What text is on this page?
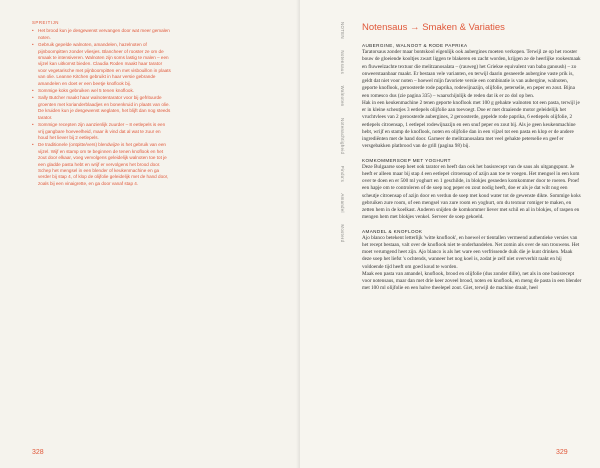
SPREITIJN
• Het brood kun je desgewenst vervangen door wat meer gemalen noten.
• Gebruik gepelde walnoten, amandelen, hazelnoten of pijnboompitten zonder vliesjes. Blancheer of rooster ze om de smaak te intensiveren. Walnoten zijn soms lastig te malen – een vijzel kan uitkomst bieden. Claudia Roden maakt haar tarator voor vegetarische met pijnboompitten en met visbouillon in plaats van olie. Leanne Kitchen gebruikt in haar versie gebrande amandelen en doet er een beetje knoflook bij.
• Sommige koks gebruiken wel 5 tenen knoflook.
• Sally Butcher maakt haar walnotentarator voor bij gefrituurde groenten met korianderblaadjes en bonenkruid in plaats van olie. De kruiden kun je desgewenst weglaten, het blijft dan nog steeds tarator.
• Sommige recepten zijn aanzienlijk zuurder – 8 eetlepels is een vrij gangbare hoeveelheid, maar ik vind dat al wat te zuur en houd het liever bij 2 eetlepels.
• De traditionele (ontpitte/vers) blendwijze is het gebruik van een vijzel. Wijf en stamp om te beginnen de tenen knoflook en het zout door elkaar, voeg vervolgens geleidelijk walnoten toe tot je een gladde pasta hebt en wrijf er vervolgens het brood door. Schep het mengsel in een blender of keukenmachine en ga verder bij stap 4, of klop de olijfolie geleidelijk met de hand door, zoals bij een vinaigrette, en ga door vanaf stap 4.
328
NOTEN Notensaus Walnoten Notenachtigheid Pinda's Amandel Mosterd
Notensaus → Smaken & Variaties
AUBERGINE, WALNOOT & RODE PAPRIKA

Taratorsaus zonder maar bontskool eigenlijk ook aubergines moeten verkopen. Terwijl ze op het rooster bouw de gloeiende kooltjes zwart liggen te blakeren en zacht worden, krijgen ze de heerlijke rookesmaak en fluweelzachte textuur die melitzanosalata – (rauweg) het Griekse equivalent van baba ganoush) – zo onweerstaanbaar maakt. Er bestaan vele varianten, en terwijl daarin gesneerde aubergine vaste prik is, geldt dat niet voor noten – hoewel mijn favoriete versie een combinatie is van aubergine, walnoten, geporte knoflook, geroosterde rode paprika, rodewijnazijn, olijfolie, peterselie, en peper en zout. Bijna een romesco dus (zie pagina 335) – waarschijnlijk de reden dat ik er zo dol op ben.

Hak in een keukenmachine 2 tenen geporte knoflook met 100 g gehakte walnoten tot een pasta, terwijl je er in kleine scheutjes 3 eetlepels olijfolie aan toevoegt. Doe er met draaiende motor geleidelijk het vruchtvlees van 2 geroosterde aubergines, 2 geroosterde, gepelde rode paprika, 6 eetlepels olijfolie, 2 eetlepels citroensap, 1 eetlepel rodewijnazijn en een snuf peper en zout bij. Als je geen keukenmachine hebt, wrijf en stamp de knoflook, noten en olijfolie dan in een vijzel tot een pasta en klop er de andere ingrediënten met de hand door. Garneer de melitzanosalata met veel gehakte peterselie en geef er versgebakken platbrood van de grill (pagina 98) bij.

KOMKOMMERSOEP MET YOGHURT

Deze Bulgaarse soep heet ook tarator en heeft dan ook het basisrecept van de saus als uitgangspunt. Je heeft er alleen maar bij stap 4 een eetlepel citroensap of azijn aan toe te voegen. Het mengsel in een kom over te doen en er 500 ml yoghurt en 1 geschilde, in blokjes gesneden komkommer door te roeren. Proef een hapje om te controleren of de soep nog peper en zout nodig heeft, doe er als je dat wilt nog een scheutje citroensap of azijn door en verdun de soep met koud water tot de gewenste dikte. Sommige koks gebruiken zure room, of een mengsel van zure room en yoghurt, om du textuur romiger te maken, en zetten hem in de koelkast. Anderen snijden de komkommer liever met schil en al in blokjes, of raspen en mengen hem met blokjes venkel. Serveer de soep gekoeld.

AMANDEL & KNOFLOOK

Ajo blanco betekent letterlijk 'witte knoflook', en hoewel er tientallen vermeend authentieke versies van het recept bestaan, valt over de knoflook niet te onderhandelen. Net zomin als over de son trouwens. Het moet verumgend heet zijn. Ajo blanco is als het ware een verfrissende duik die je kunt drinken. Maak deze soep het liefst 's ochtends, wanneer het nog koel is, zodat je zelf niet oververhit raakt en hij voldoende tijd heeft om goed koud te worden.

Maak een pasta van amandel, knoflook, brood en olijfolie (dus zonder dille), net als in one basisrecept voor notensaus, maar dan met drie keer zoveel brood, noten en knoflook, en meng de pasta in een blender met 100 ml olijfolie en een halve theelepel zout. Giet, terwijl de machine draait, heel

329
